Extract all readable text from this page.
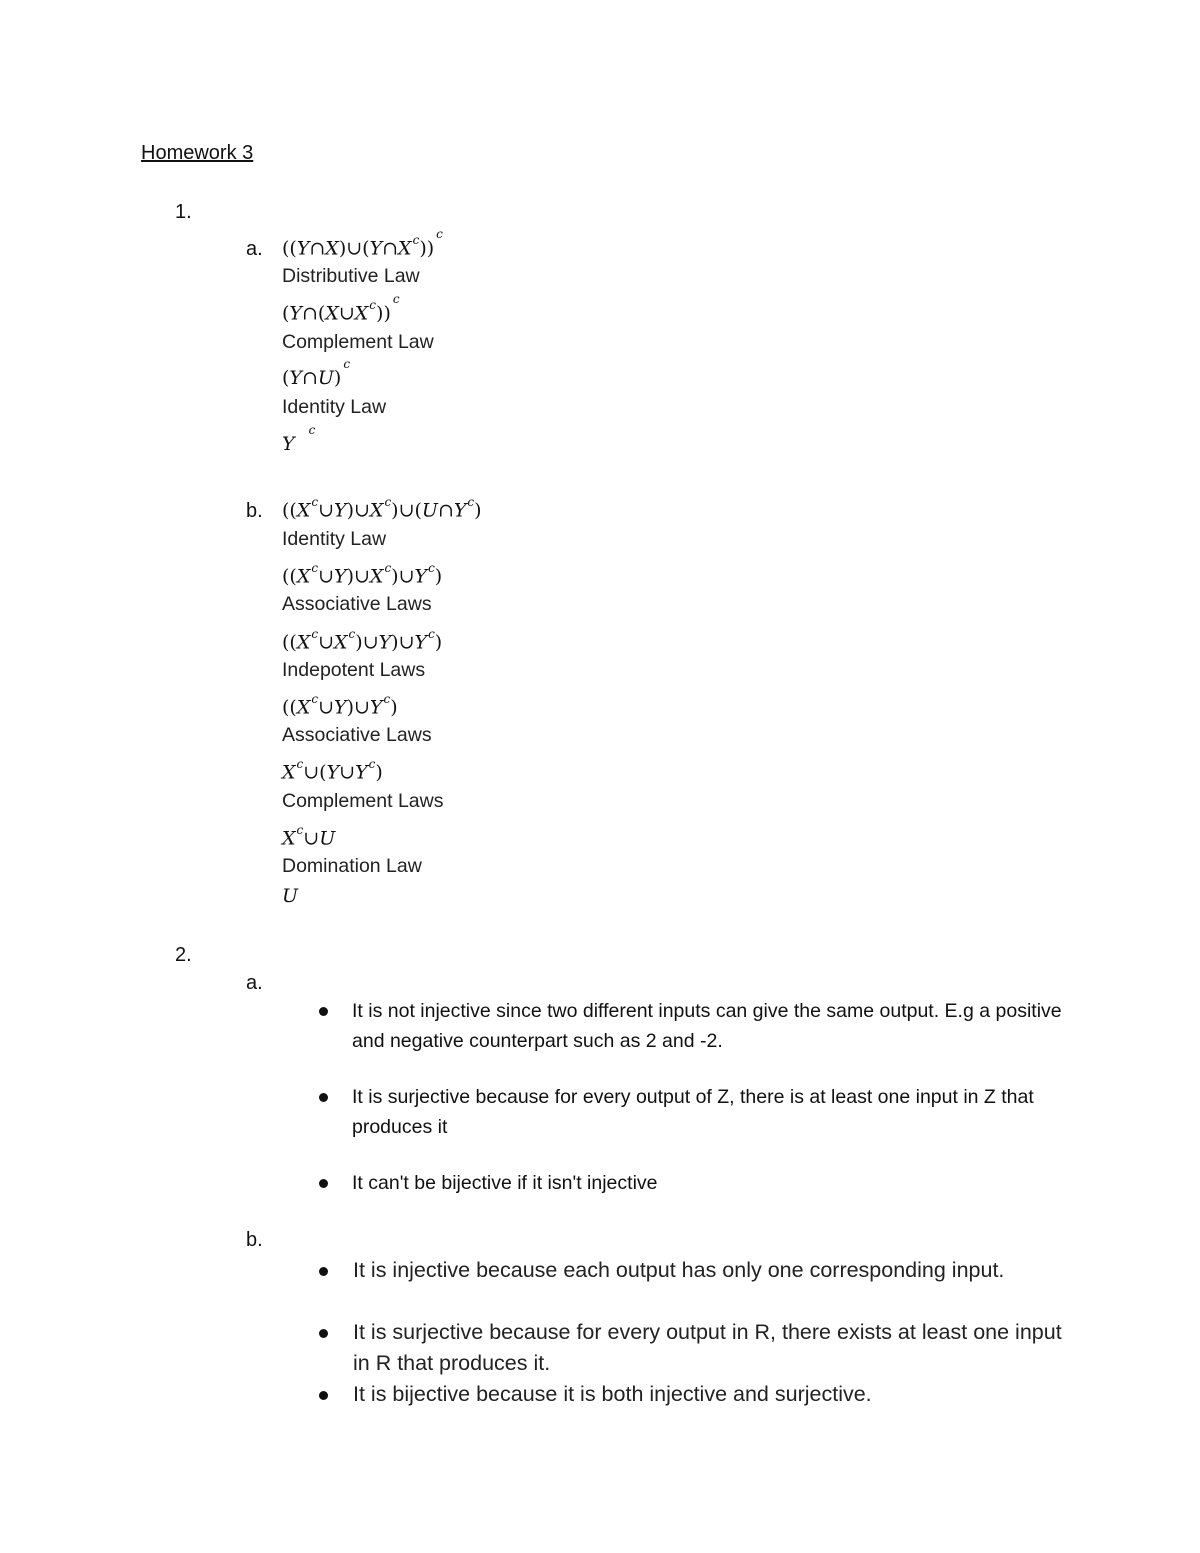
Homework 3
1.
a. $((Y\cap X)\cup(Y\cap X^c))^c$
Distributive Law
$(Y\cap(X\cup X^c))^c$
Complement Law
(Y∩U)$^c$
Identity Law
Y  $^c$
b. $((X^c\cup Y)\cup X^c)\cup(U\cap Y^c)$
Identity Law
$((X^c\cup Y)\cup X^c)\cup Y^c$)
Associative Laws
$((X^c\cup X^c)\cup Y)\cup Y^c$)
Indepotent Laws
$((X^c\cup Y)\cup Y^c)$
Associative Laws
$X^c\cup(Y\cup Y^c)$
Complement Laws
$X^c\cup U$
Domination Law
U
2.
a.
It is not injective since two different inputs can give the same output. E.g a positive and negative counterpart such as 2 and -2.
It is surjective because for every output of Z, there is at least one input in Z that produces it
It can't be bijective if it isn't injective
b.
It is injective because each output has only one corresponding input.
It is surjective because for every output in R, there exists at least one input in R that produces it.
It is bijective because it is both injective and surjective.
